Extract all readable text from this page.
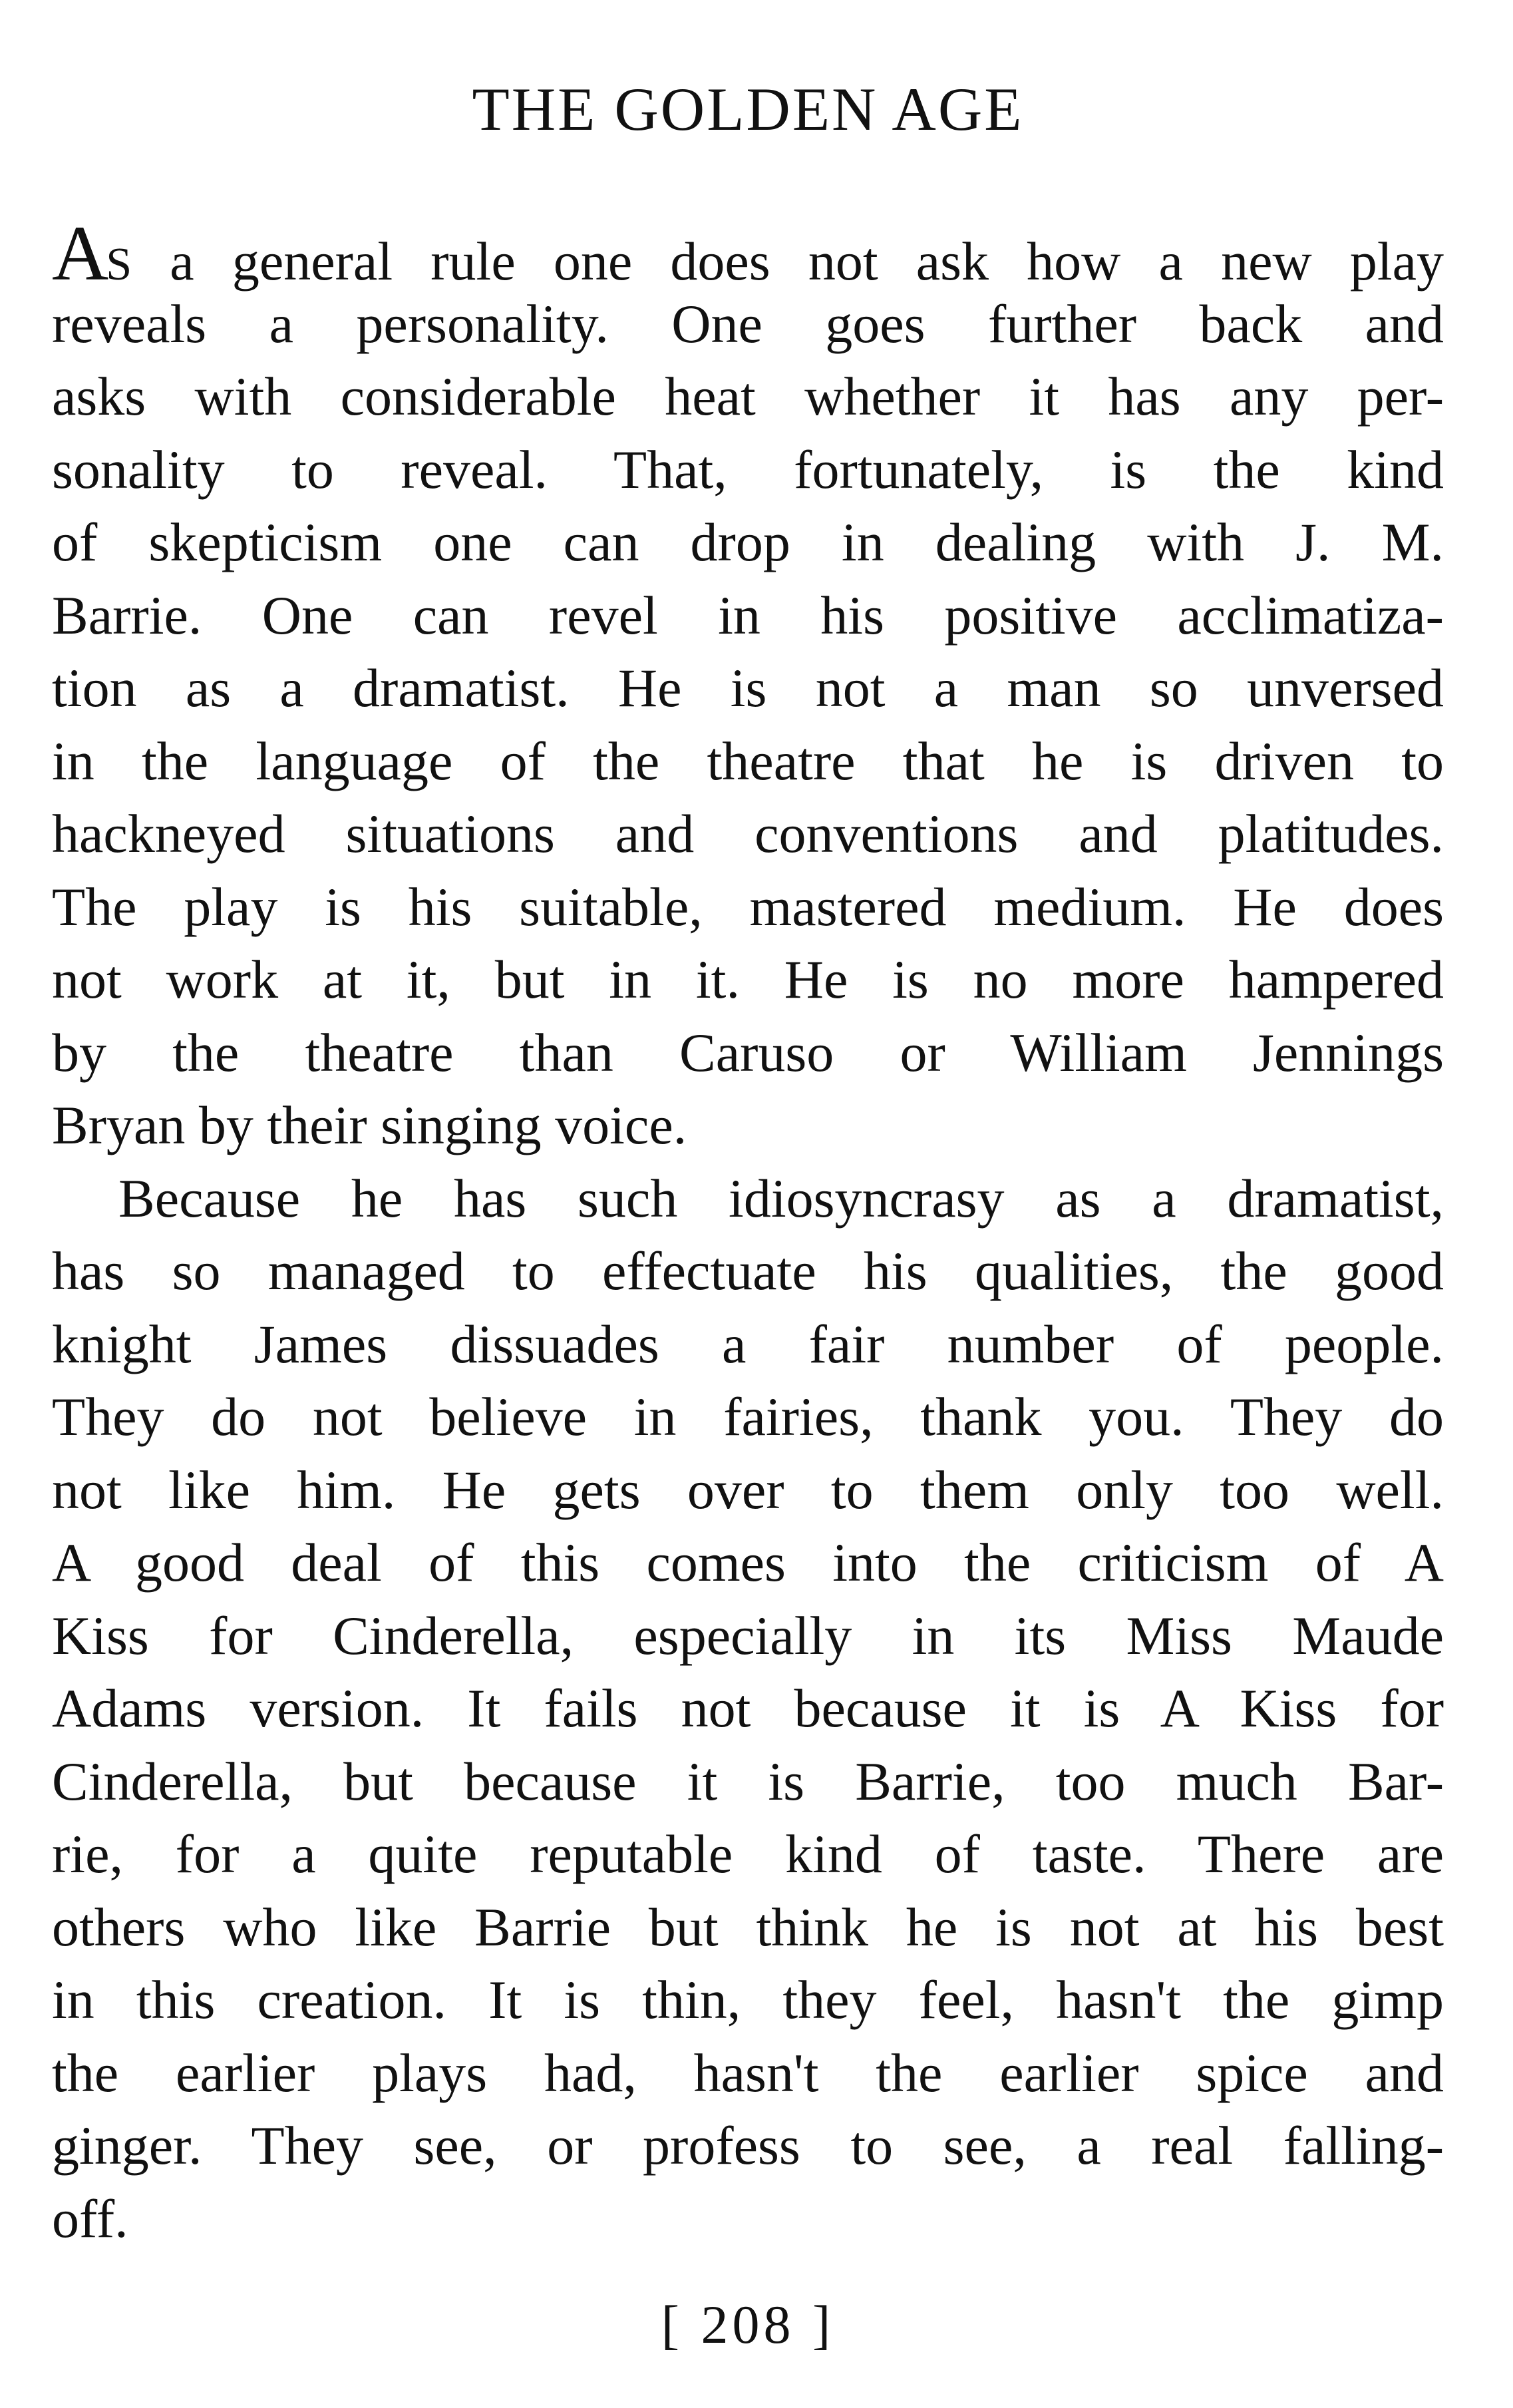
THE GOLDEN AGE
AS a general rule one does not ask how a new play
reveals a personality. One goes further back and
asks with considerable heat whether it has any per-
sonality to reveal. That, fortunately, is the kind
of skepticism one can drop in dealing with J. M.
Barrie. One can revel in his positive acclimatiza-
tion as a dramatist. He is not a man so unversed
in the language of the theatre that he is driven to
hackneyed situations and conventions and platitudes.
The play is his suitable, mastered medium. He does
not work at it, but in it. He is no more hampered
by the theatre than Caruso or William Jennings
Bryan by their singing voice.
Because he has such idiosyncrasy as a dramatist,
has so managed to effectuate his qualities, the good
knight James dissuades a fair number of people.
They do not believe in fairies, thank you. They do
not like him. He gets over to them only too well.
A good deal of this comes into the criticism of A
Kiss for Cinderella, especially in its Miss Maude
Adams version. It fails not because it is A Kiss for
Cinderella, but because it is Barrie, too much Bar-
rie, for a quite reputable kind of taste. There are
others who like Barrie but think he is not at his best
in this creation. It is thin, they feel, hasn't the gimp
the earlier plays had, hasn't the earlier spice and
ginger. They see, or profess to see, a real falling-
off.
[ 208 ]
